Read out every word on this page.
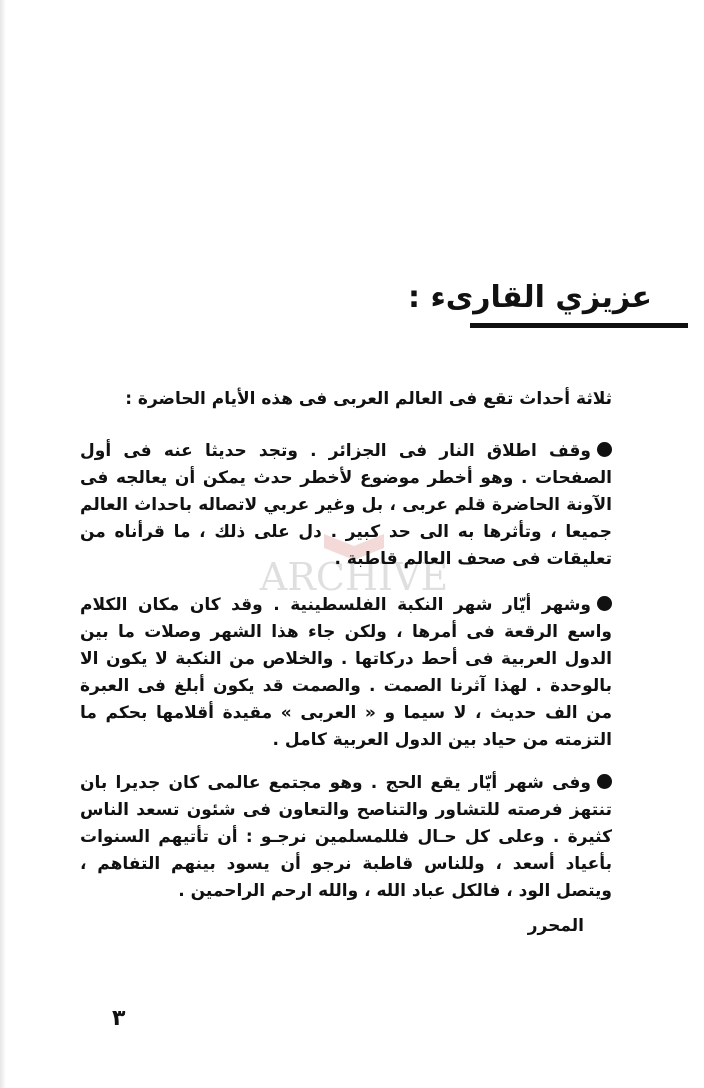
ARCHIVE
عزيزي القارىء :
ثلاثة أحداث تقع فى العالم العربى فى هذه الأيام الحاضرة :
وقف اطلاق النار فى الجزائر . وتجد حديثا عنه فى أول الصفحات . وهو أخطر موضوع لأخطر حدث يمكن أن يعالجه فى الآونة الحاضرة قلم عربى ، بل وغير عربي لاتصاله باحداث العالم جميعا ، وتأثرها به الى حد كبير . دل على ذلك ، ما قرأناه من تعليقات فى صحف العالم قاطبة .
وشهر أيّار شهر النكبة الفلسطينية . وقد كان مكان الكلام واسع الرقعة فى أمرها ، ولكن جاء هذا الشهر وصلات ما بين الدول العربية فى أحط دركاتها . والخلاص من النكبة لا يكون الا بالوحدة . لهذا آثرنا الصمت . والصمت قد يكون أبلغ فى العبرة من الف حديث ، لا سيما و « العربى » مقيدة أقلامها بحكم ما التزمته من حياد بين الدول العربية كامل .
وفى شهر أيّار يقع الحج . وهو مجتمع عالمى كان جديرا بان تنتهز فرصته للتشاور والتناصح والتعاون فى شئون تسعد الناس كثيرة . وعلى كل حـال فللمسلمين نرجـو : أن تأتيهم السنوات بأعياد أسعد ، وللناس قاطبة نرجو أن يسود بينهم التفاهم ، ويتصل الود ، فالكل عباد الله ، والله ارحم الراحمين .
المحرر
٣
